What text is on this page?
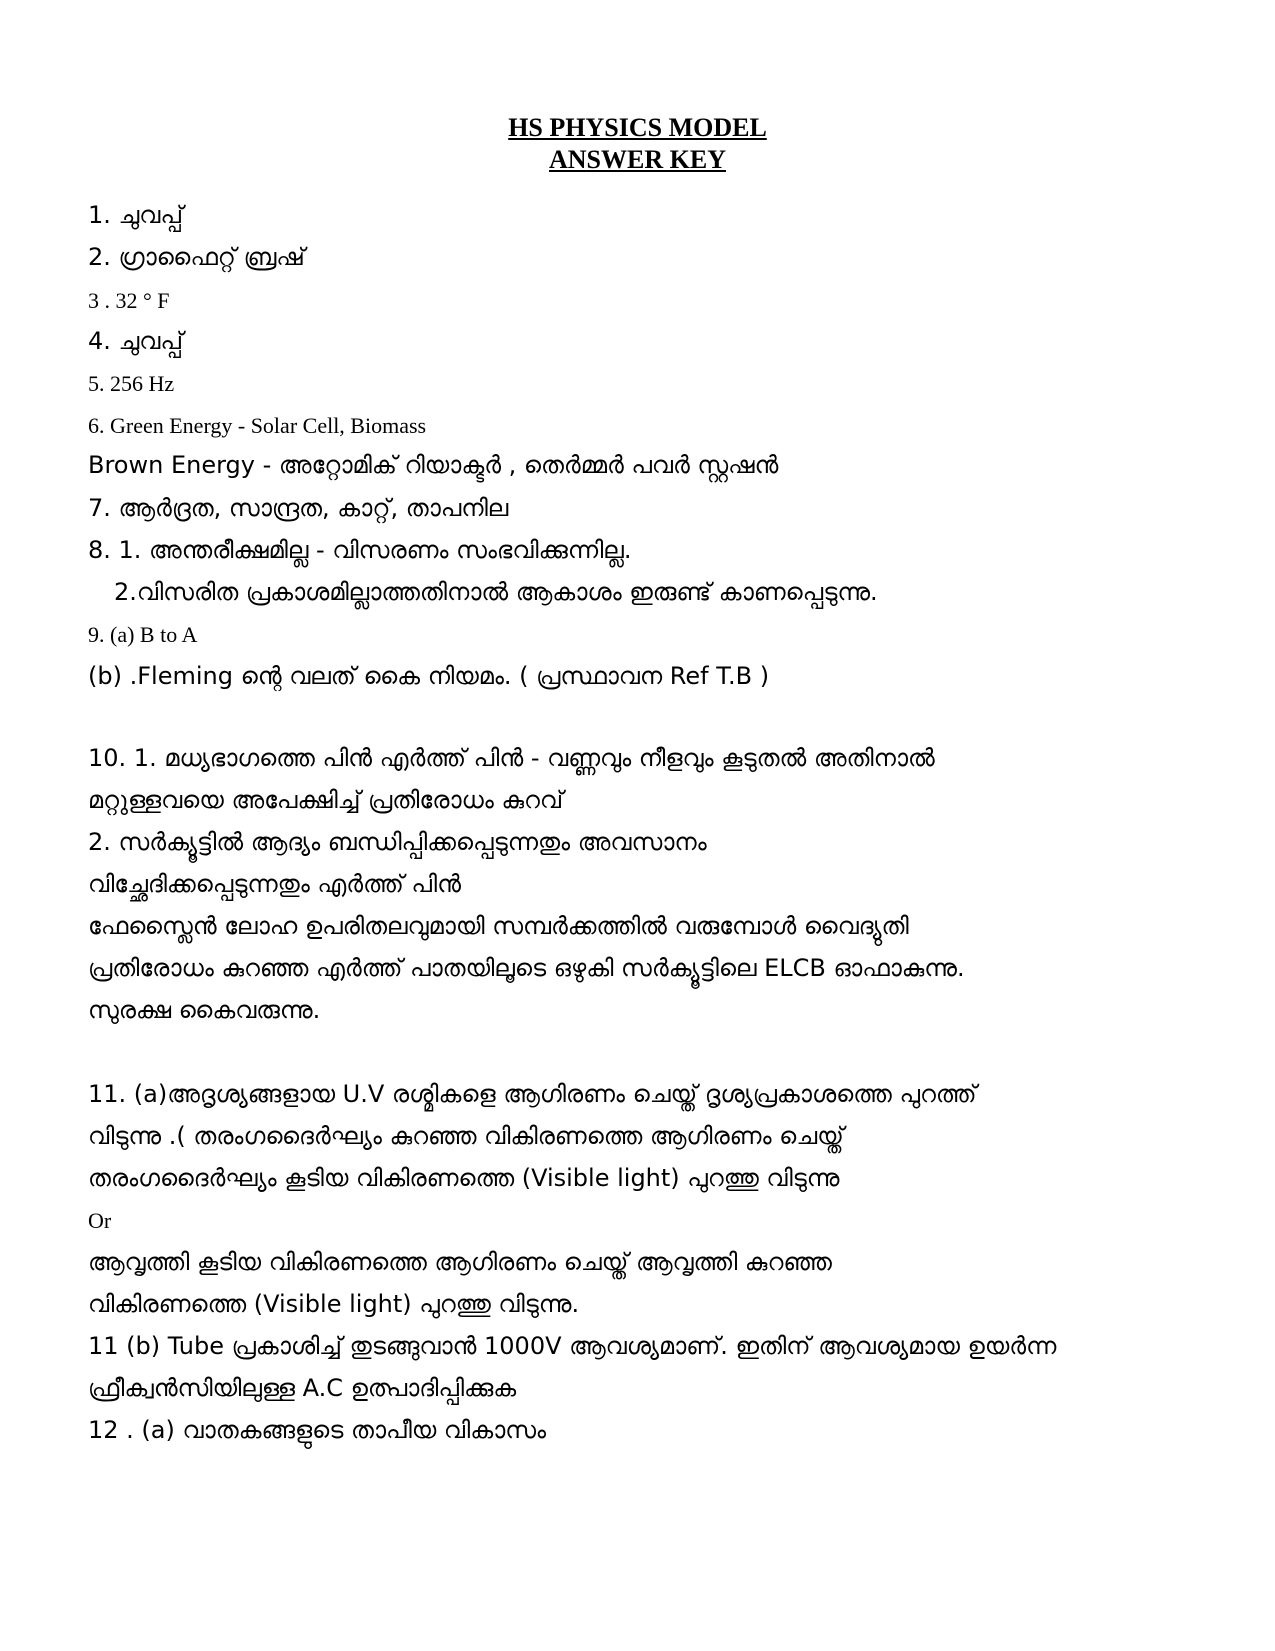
HS PHYSICS MODEL
ANSWER KEY
1. ചുവപ്പ്
2. ഗ്രാഫൈറ്റ് ബ്രഷ്
3 . 32 ° F
4. ചുവപ്പ്
5. 256 Hz
6. Green Energy - Solar Cell, Biomass
Brown Energy - അറ്റോമിക് റിയാക്ടർ , തെർമ്മർ പവർ സ്റ്റഷൻ
7. ആർദ്രത, സാന്ദ്രത, കാറ്റ്, താപനില
8. 1. അന്തരീക്ഷമില്ല - വിസരണം സംഭവിക്കുന്നില്ല.
2.വിസരിത പ്രകാശമില്ലാത്തതിനാൽ ആകാശം ഇരുണ്ട് കാണപ്പെടുന്നു.
9. (a) B to A
(b) .Fleming ന്റെ വലത് കൈ നിയമം. ( പ്രസ്ഥാവന Ref T.B )
10. 1. മധ്യഭാഗത്തെ പിൻ എർത്ത് പിൻ - വണ്ണവും നീളവും കൂടുതൽ അതിനാൽ
മറ്റുള്ളവയെ അപേക്ഷിച്ച് പ്രതിരോധം കുറവ്
2. സർക്യൂട്ടിൽ ആദ്യം ബന്ധിപ്പിക്കപ്പെടുന്നതും അവസാനം
വിച്ഛേദിക്കപ്പെടുന്നതും എർത്ത് പിൻ
ഫേസ്ലൈൻ ലോഹ ഉപരിതലവുമായി സമ്പർക്കത്തിൽ വരുമ്പോൾ വൈദ്യുതി
പ്രതിരോധം കുറഞ്ഞ എർത്ത് പാതയിലൂടെ ഒഴുകി സർക്യൂട്ടിലെ ELCB ഓഫാകുന്നു.
സുരക്ഷ കൈവരുന്നു.
11. (a)അദൃശ്യങ്ങളായ U.V രശ്മികളെ ആഗിരണം ചെയ്ത് ദൃശ്യപ്രകാശത്തെ പുറത്ത്
വിടുന്നു .( തരംഗദൈർഘ്യം കുറഞ്ഞ വികിരണത്തെ ആഗിരണം ചെയ്ത്
തരംഗദൈർഘ്യം കൂടിയ വികിരണത്തെ (Visible light) പുറത്തു വിടുന്നു
Or
ആവൃത്തി കൂടിയ വികിരണത്തെ ആഗിരണം ചെയ്ത് ആവൃത്തി കുറഞ്ഞ
വികിരണത്തെ (Visible light) പുറത്തു വിടുന്നു.
11 (b) Tube പ്രകാശിച്ച് തുടങ്ങുവാൻ 1000V ആവശ്യമാണ്. ഇതിന് ആവശ്യമായ ഉയർന്ന
ഫ്രീക്വൻസിയിലുള്ള A.C ഉത്പാദിപ്പിക്കുക
12 . (a) വാതകങ്ങളുടെ താപീയ വികാസം
